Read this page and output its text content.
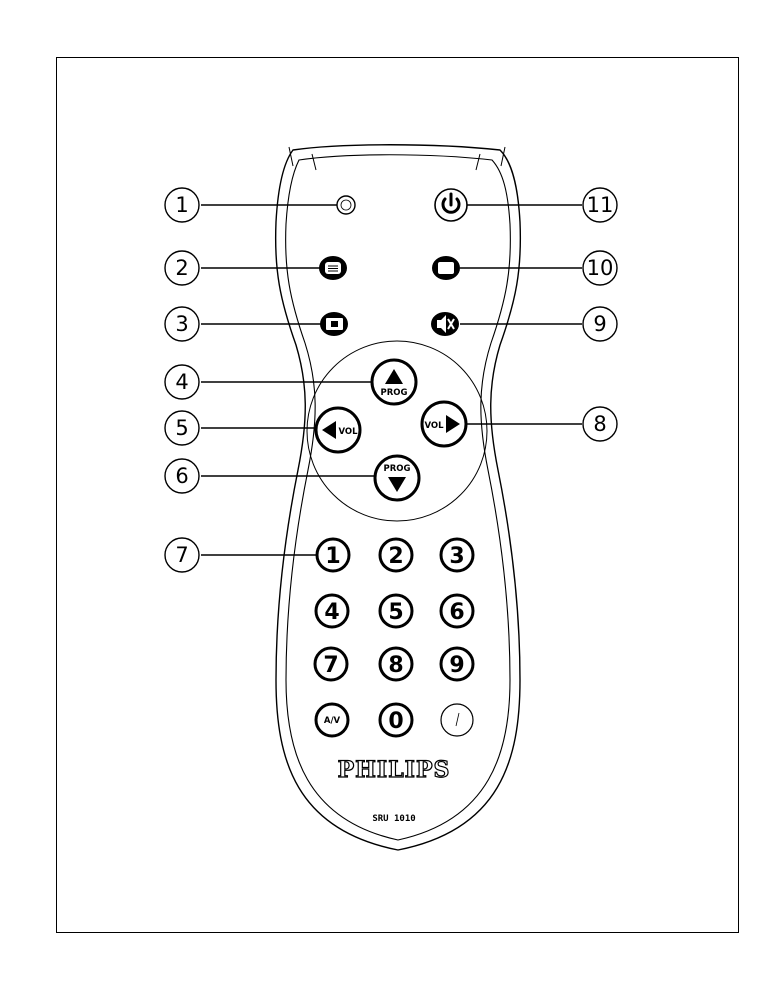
1
2
3
4
5
6
7
8
9
10
11
PROG
VOL
VOL
PROG
1 2 3
4 5 6
7 8 9
A/V 0
PHILIPS
SRU 1010
